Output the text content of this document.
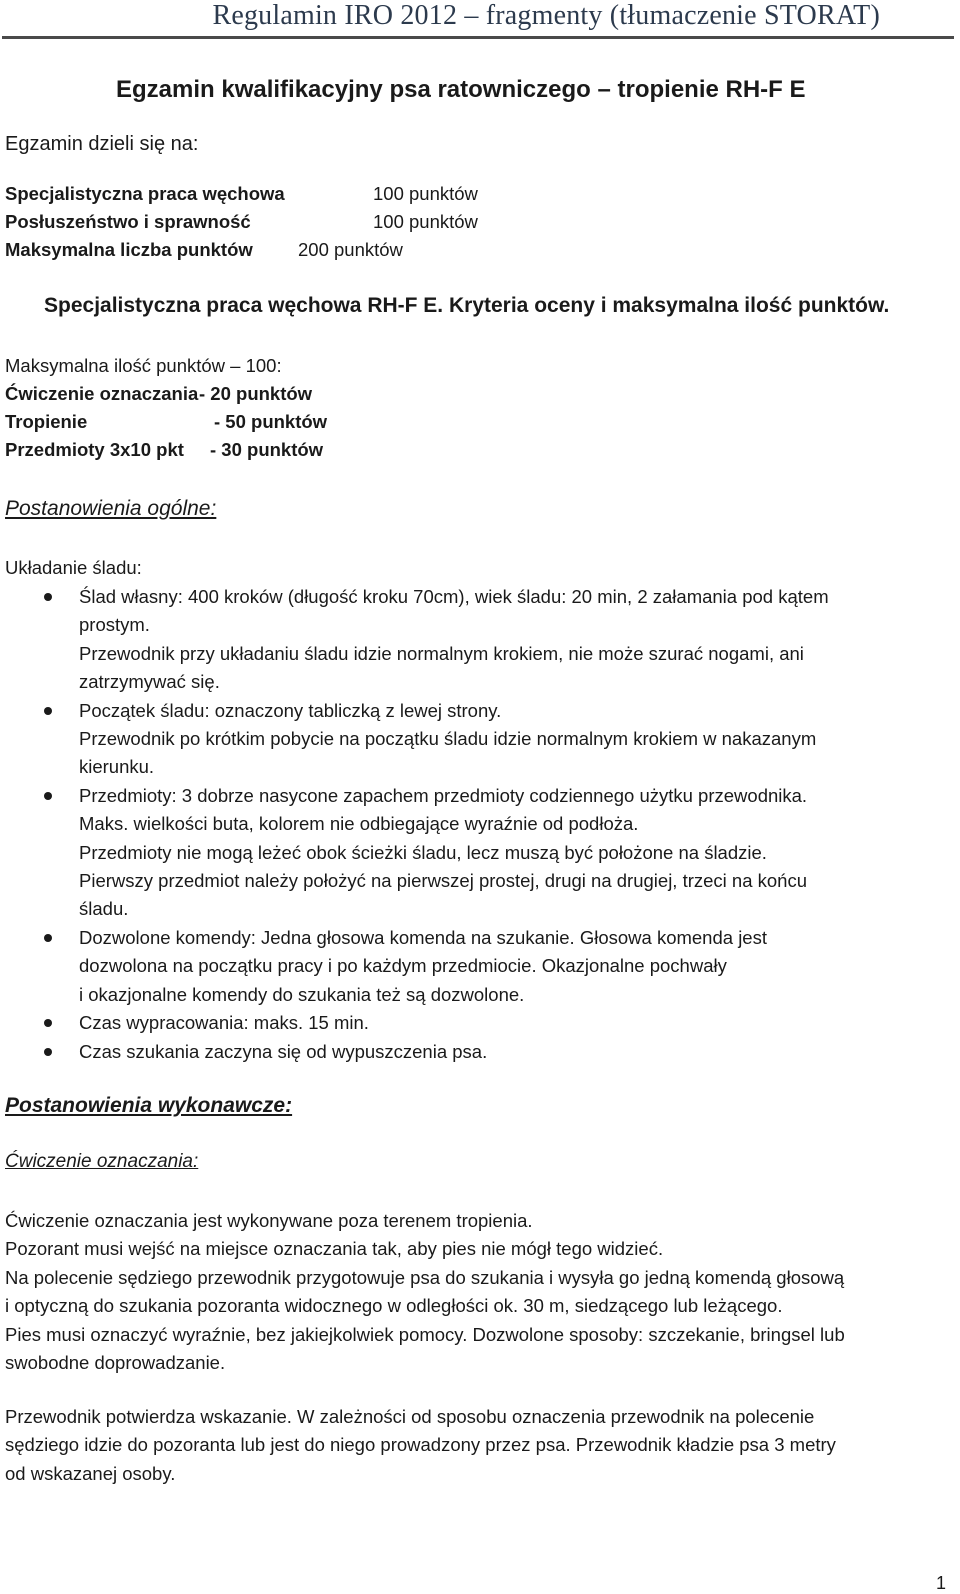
Regulamin IRO 2012 – fragmenty (tłumaczenie STORAT)
Egzamin kwalifikacyjny psa ratowniczego – tropienie RH-F E
Egzamin dzieli się na:
Specjalistyczna praca węchowa	100 punktów
Posłuszeństwo i sprawność	100 punktów
Maksymalna liczba punktów 200 punktów
Specjalistyczna praca węchowa RH-F E. Kryteria oceny i maksymalna ilość punktów.
Maksymalna ilość punktów – 100:
Ćwiczenie oznaczania - 20 punktów
Tropienie	- 50 punktów
Przedmioty 3x10 pkt - 30 punktów
Postanowienia ogólne:
Układanie śladu:

Ślad własny: 400 kroków (długość kroku 70cm), wiek śladu: 20 min, 2 załamania pod kątem

prostym.

Przewodnik przy układaniu śladu idzie normalnym krokiem, nie może szurać nogami, ani

zatrzymywać się.

Początek śladu: oznaczony tabliczką z lewej strony.

Przewodnik po krótkim pobycie na początku śladu idzie normalnym krokiem w nakazanym

kierunku.

Przedmioty: 3 dobrze nasycone zapachem przedmioty codziennego użytku przewodnika.

Maks. wielkości buta, kolorem nie odbiegające wyraźnie od podłoża.

Przedmioty nie mogą leżeć obok ścieżki śladu, lecz muszą być położone na śladzie.

Pierwszy przedmiot należy położyć na pierwszej prostej, drugi na drugiej, trzeci na końcu

śladu.

Dozwolone komendy: Jedna głosowa komenda na szukanie. Głosowa komenda jest

dozwolona na początku pracy i po każdym przedmiocie. Okazjonalne pochwały

i okazjonalne komendy do szukania też są dozwolone.

Czas wypracowania: maks. 15 min.

Czas szukania zaczyna się od wypuszczenia psa.

Postanowienia wykonawcze:
Ćwiczenie oznaczania:

Ćwiczenie oznaczania jest wykonywane poza terenem tropienia.

Pozorant musi wejść na miejsce oznaczania tak, aby pies nie mógł tego widzieć.

Na polecenie sędziego przewodnik przygotowuje psa do szukania i wysyła go jedną komendą głosową

i optyczną do szukania pozoranta widocznego w odległości ok. 30 m, siedzącego lub leżącego.

Pies musi oznaczyć wyraźnie, bez jakiejkolwiek pomocy. Dozwolone sposoby: szczekanie, bringsel lub

swobodne doprowadzanie.

Przewodnik potwierdza wskazanie. W zależności od sposobu oznaczenia przewodnik na polecenie

sędziego idzie do pozoranta lub jest do niego prowadzony przez psa. Przewodnik kładzie psa 3 metry

od wskazanej osoby.

1
